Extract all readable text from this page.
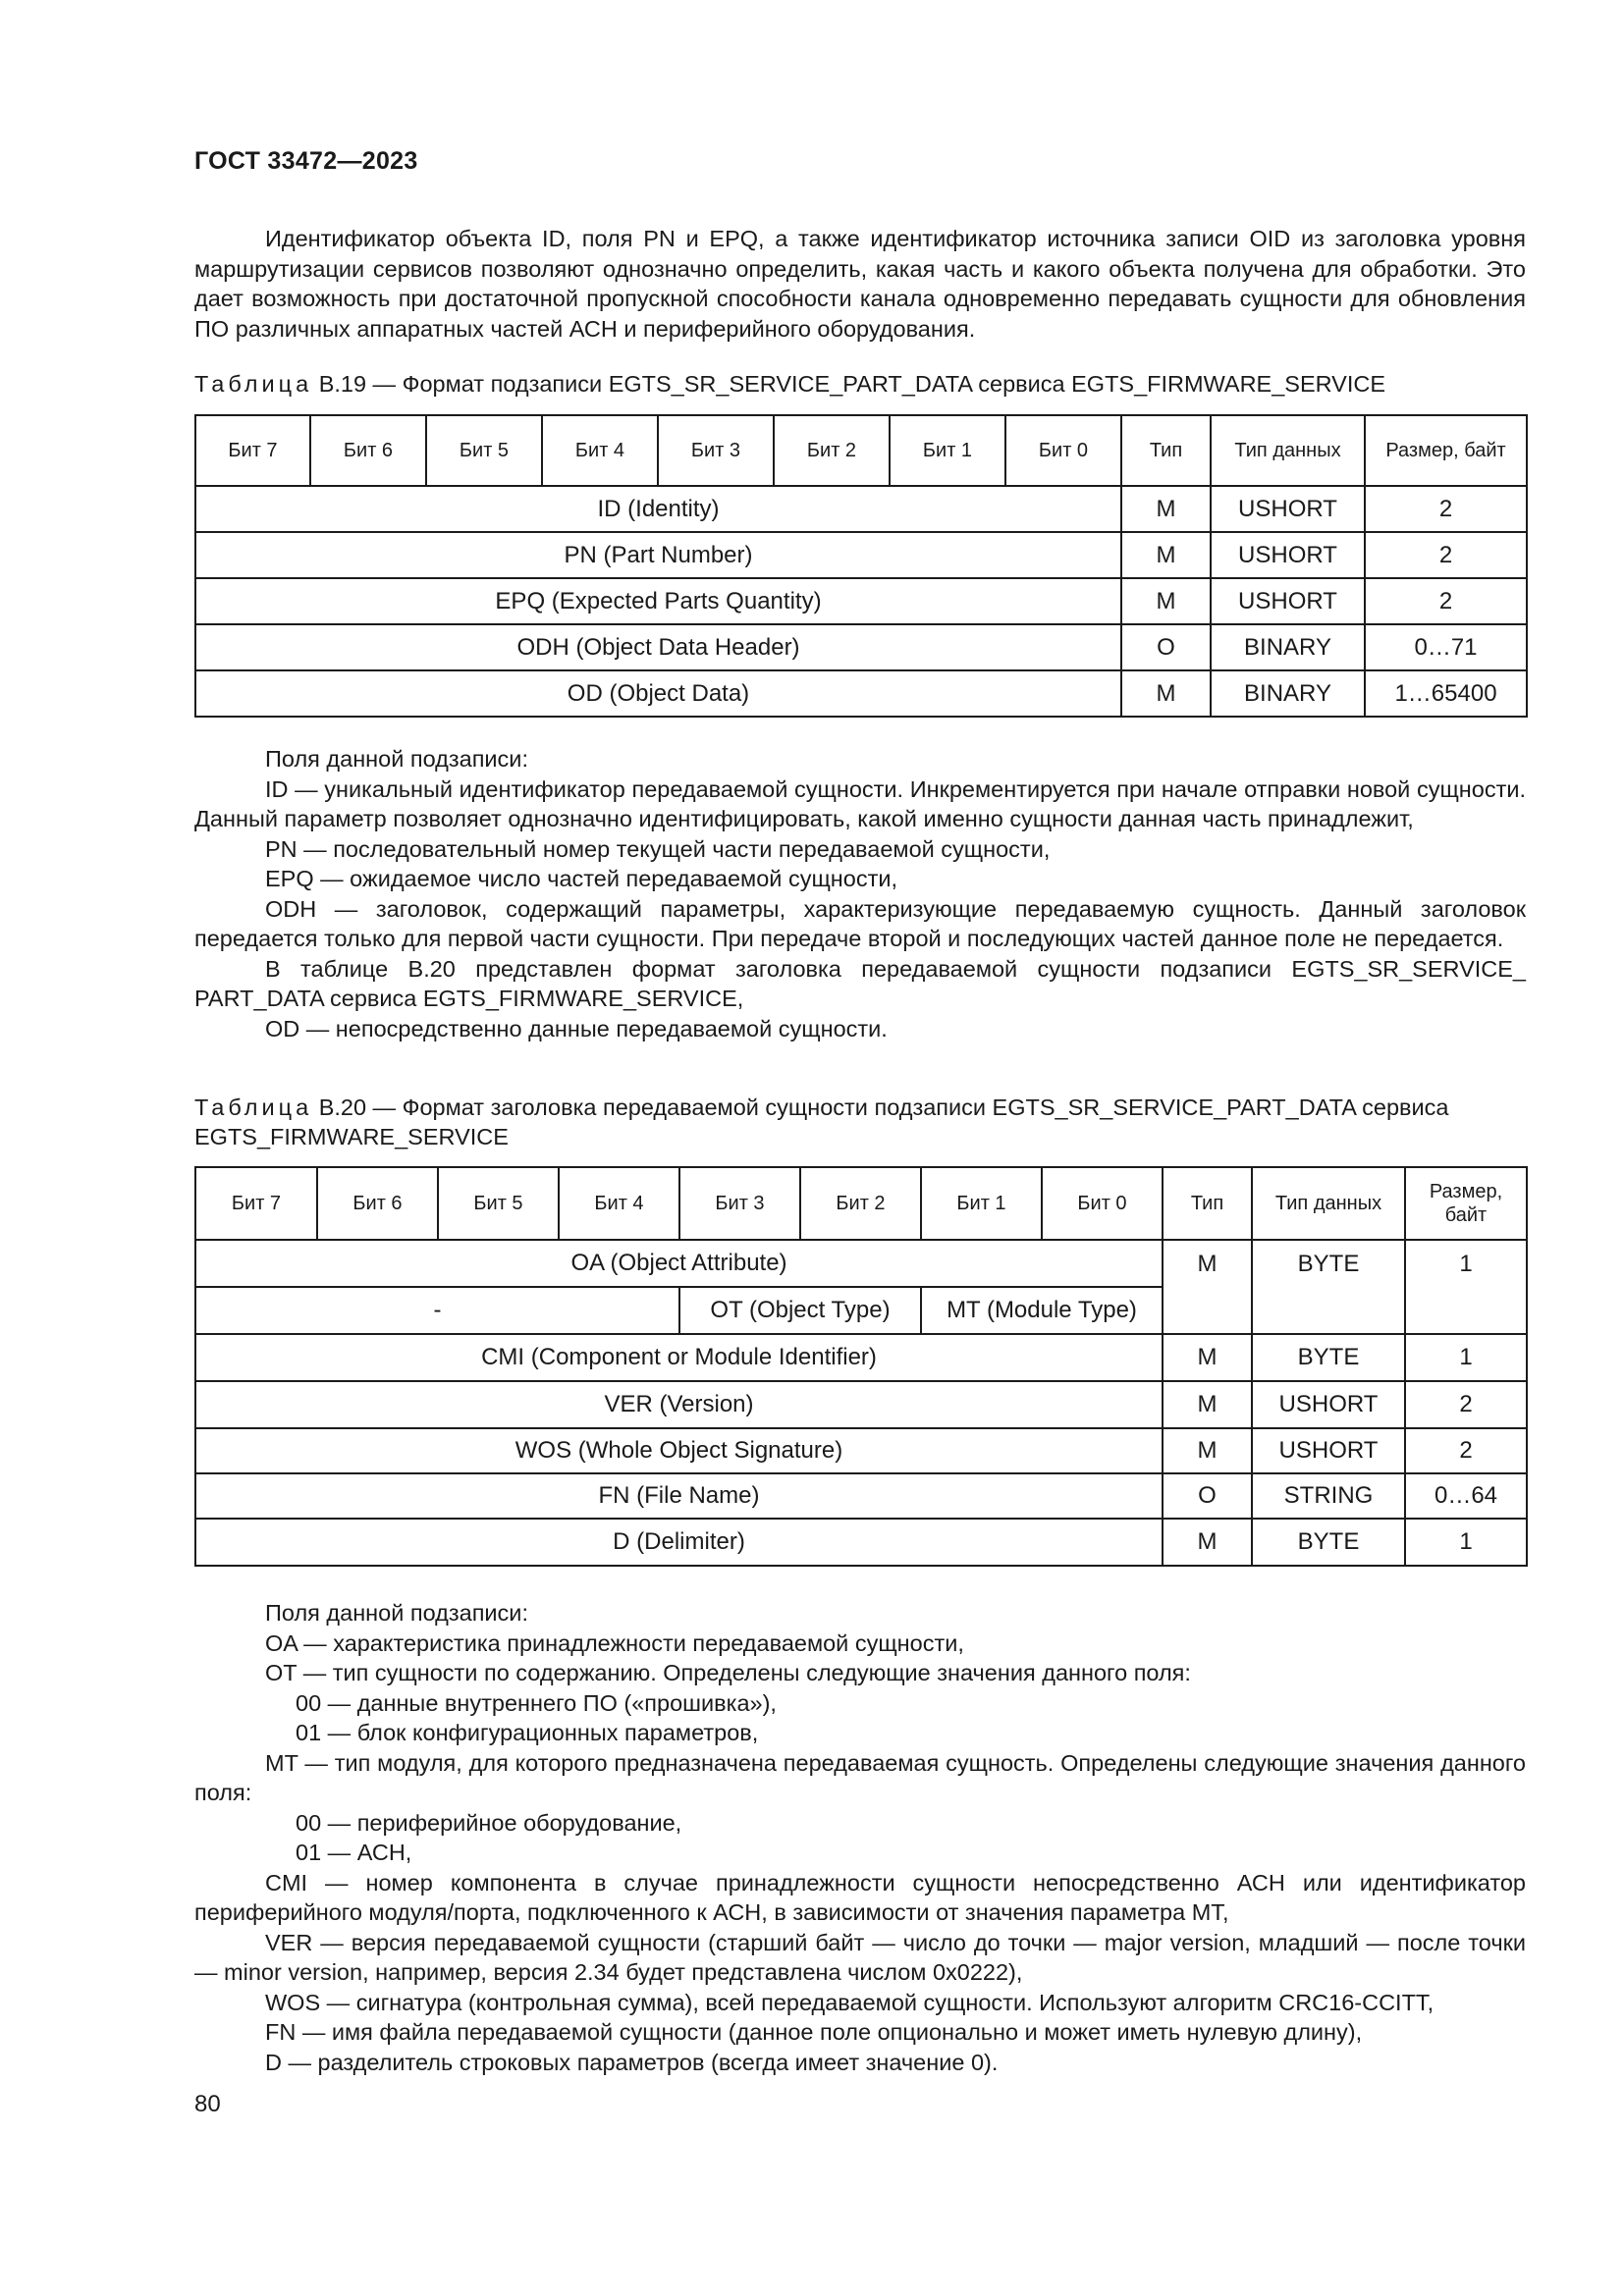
ГОСТ 33472—2023

Идентификатор объекта ID, поля PN и EPQ, а также идентификатор источника записи OID из заголовка уровня маршрутизации сервисов позволяют однозначно определить, какая часть и какого объекта получена для обработки. Это дает возможность при достаточной пропускной способности канала одновременно передавать сущности для обновления ПО различных аппаратных частей АСН и периферийного оборудования.

Таблица В.19 — Формат подзаписи EGTS_SR_SERVICE_PART_DATA сервиса EGTS_FIRMWARE_SERVICE
Бит 7	Бит 6	Бит 5	Бит 4	Бит 3	Бит 2	Бит 1	Бит 0	Тип	Тип данных	Размер, байт
ID (Identity)								M	USHORT	2
PN (Part Number)								M	USHORT	2
EPQ (Expected Parts Quantity)								M	USHORT	2
ODH (Object Data Header)								O	BINARY	0…71
OD (Object Data)								M	BINARY	1…65400

Поля данной подзаписи:

ID — уникальный идентификатор передаваемой сущности. Инкрементируется при начале отправки новой сущности. Данный параметр позволяет однозначно идентифицировать, какой именно сущности данная часть принадлежит,

PN — последовательный номер текущей части передаваемой сущности,

EPQ — ожидаемое число частей передаваемой сущности,

ODH — заголовок, содержащий параметры, характеризующие передаваемую сущность. Данный заголовок передается только для первой части сущности. При передаче второй и последующих частей данное поле не передается.

В таблице В.20 представлен формат заголовка передаваемой сущности подзаписи EGTS_SR_SERVICE_ PART_DATA сервиса EGTS_FIRMWARE_SERVICE,

OD — непосредственно данные передаваемой сущности.

Таблица В.20 — Формат заголовка передаваемой сущности подзаписи EGTS_SR_SERVICE_PART_DATA сервиса EGTS_FIRMWARE_SERVICE
Бит 7	Бит 6	Бит 5	Бит 4	Бит 3	Бит 2	Бит 1	Бит 0	Тип	Тип данных	Размер, байт
OA (Object Attribute)								M	BYTE	1
-				OT (Object Type)		MT (Module Type)				
CMI (Component or Module Identifier)								M	BYTE	1
VER (Version)								M	USHORT	2
WOS (Whole Object Signature)								M	USHORT	2
FN (File Name)								O	STRING	0…64
D (Delimiter)								M	BYTE	1

Поля данной подзаписи:

OA — характеристика принадлежности передаваемой сущности,

OT — тип сущности по содержанию. Определены следующие значения данного поля:

00 — данные внутреннего ПО («прошивка»),

01 — блок конфигурационных параметров,

MT — тип модуля, для которого предназначена передаваемая сущность. Определены следующие значения данного поля:

00 — периферийное оборудование,

01 — АСН,

CMI — номер компонента в случае принадлежности сущности непосредственно АСН или идентификатор периферийного модуля/порта, подключенного к АСН, в зависимости от значения параметра MT,

VER — версия передаваемой сущности (старший байт — число до точки — major version, младший — после точки — minor version, например, версия 2.34 будет представлена числом 0x0222),

WOS — сигнатура (контрольная сумма), всей передаваемой сущности. Используют алгоритм CRC16-CCITT,

FN — имя файла передаваемой сущности (данное поле опционально и может иметь нулевую длину),

D — разделитель строковых параметров (всегда имеет значение 0).

80
